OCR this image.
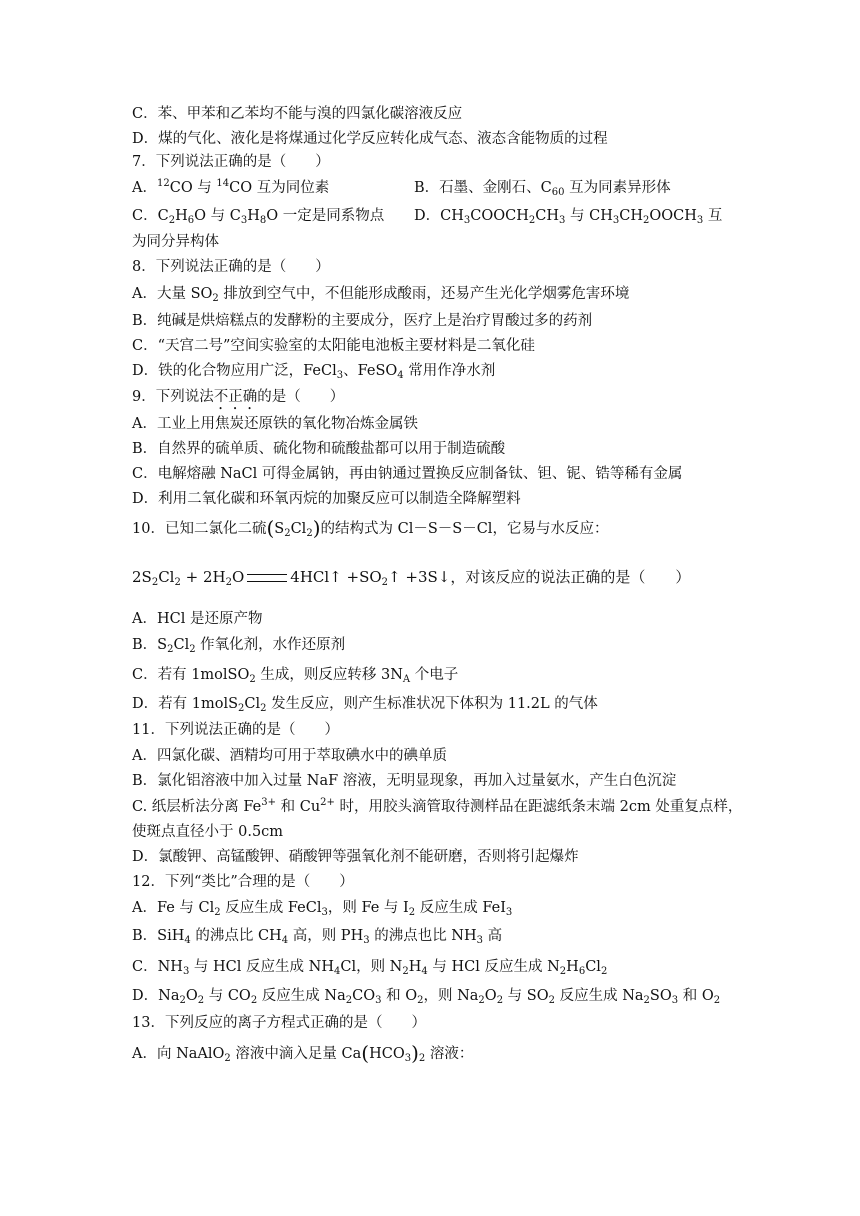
C．苯、甲苯和乙苯均不能与溴的四氯化碳溶液反应
D．煤的气化、液化是将煤通过化学反应转化成气态、液态含能物质的过程
7．下列说法正确的是（　　）
A．$^{12}$CO 与 $^{14}$CO 互为同位素	B．石墨、金刚石、$C_{60}$ 互为同素异形体
C．$C_2H_6O$ 与 $C_3H_8O$ 一定是同系物点 D．$CH_3COOCH_2CH_3$ 与 $CH_3CH_2OOCH_3$ 互
为同分异构体
8．下列说法正确的是（　　）
A．大量 $SO_2$ 排放到空气中，不但能形成酸雨，还易产生光化学烟雾危害环境
B．纯碱是烘焙糕点的发酵粉的主要成分，医疗上是治疗胃酸过多的药剂
C．“天宫二号”空间实验室的太阳能电池板主要材料是二氧化硅
D．铁的化合物应用广泛，FeCl$_3$、FeSO$_4$ 常用作净水剂
9．下列说法不正确的是（　　）
A．工业上用焦炭还原铁的氧化物冶炼金属铁
B．自然界的硫单质、硫化物和硫酸盐都可以用于制造硫酸
C．电解熔融 NaCl 可得金属钠，再由钠通过置换反应制备钛、钽、铌、锆等稀有金属
D．利用二氧化碳和环氧丙烷的加聚反应可以制造全降解塑料
10．已知二氯化二硫$(S_2Cl_2)$的结构式为 Cl－S－S－Cl，它易与水反应：
$2S_2Cl_2 + 2H_2O$	4HCl↑ $+SO_2↑$ +3S↓，对该反应的说法正确的是（　　）
A．HCl 是还原产物
B．$S_2Cl_2$ 作氧化剂，水作还原剂
C．若有 1molSO$_2$ 生成，则反应转移 $3N_A$ 个电子
D．若有 $1molS_2Cl_2$ 发生反应，则产生标准状况下体积为 11.2L 的气体
11．下列说法正确的是（　　）
A．四氯化碳、酒精均可用于萃取碘水中的碘单质
B．氯化铝溶液中加入过量 NaF 溶液，无明显现象，再加入过量氨水，产生白色沉淀
C. 纸层析法分离 $Fe^{3+}$ 和 $Cu^{2+}$ 时，用胶头滴管取待测样品在距滤纸条末端 2cm 处重复点样，
使斑点直径小于 0.5cm
D．氯酸钾、高锰酸钾、硝酸钾等强氧化剂不能研磨，否则将引起爆炸
12．下列“类比”合理的是（　　）
A．Fe 与 $Cl_2$ 反应生成 FeCl$_3$，则 Fe 与 $I_2$ 反应生成 FeI$_3$
B．SiH$_4$ 的沸点比 $CH_4$ 高，则 $PH_3$ 的沸点也比 $NH_3$ 高
C．$NH_3$ 与 HCl 反应生成 $NH_4Cl$，则 $N_2H_4$ 与 HCl 反应生成 $N_2H_6Cl_2$
D．$Na_2O_2$ 与 $CO_2$ 反应生成 $Na_2CO_3$ 和 $O_2$，则 $Na_2O_2$ 与 $SO_2$ 反应生成 $Na_2SO_3$ 和 $O_2$
13．下列反应的离子方程式正确的是（　　）
A．向 NaAlO$_2$ 溶液中滴入足量 $Ca(HCO_3)_2$ 溶液：
